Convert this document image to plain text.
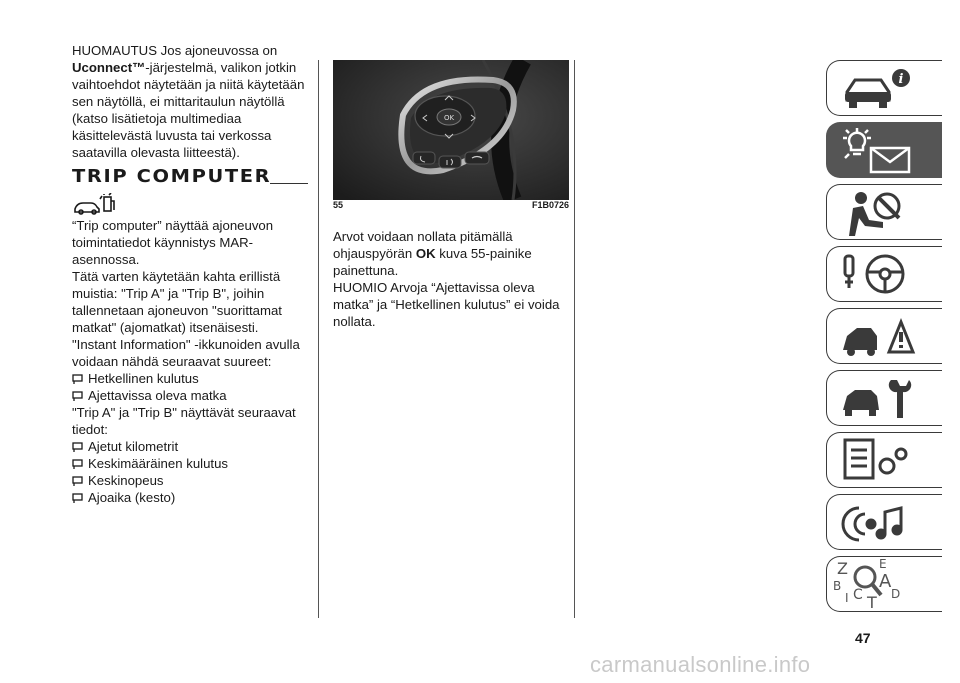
HUOMAUTUS Jos ajoneuvossa on
Uconnect™-järjestelmä, valikon jotkin vaihtoehdot näytetään ja niitä käytetään sen näytöllä, ei mittaritaulun näytöllä (katso lisätietoja multimediaa käsittelevästä luvusta tai verkossa saatavilla olevasta liitteestä).

TRIP COMPUTER

“Trip computer” näyttää ajoneuvon toimintatiedot käynnistys MAR-asennossa.

Tätä varten käytetään kahta erillistä muistia: "Trip A" ja "Trip B", joihin tallennetaan ajoneuvon "suorittamat matkat" (ajomatkat) itsenäisesti.

"Instant Information" -ikkunoiden avulla voidaan nähdä seuraavat suureet:

Hetkellinen kulutus
Ajettavissa oleva matka

"Trip A" ja "Trip B" näyttävät seuraavat tiedot:

Ajetut kilometrit
Keskimääräinen kulutus
Keskinopeus
Ajoaika (kesto)
OK
55	F1B0726

Arvot voidaan nollata pitämällä ohjauspyörän OK kuva 55-painike painettuna.

HUOMIO Arvoja “Ajettavissa oleva matka” ja “Hetkellinen kulutus” ei voida nollata.

i
Z	E
A
B
C T D
I
47
carmanualsonline.info
